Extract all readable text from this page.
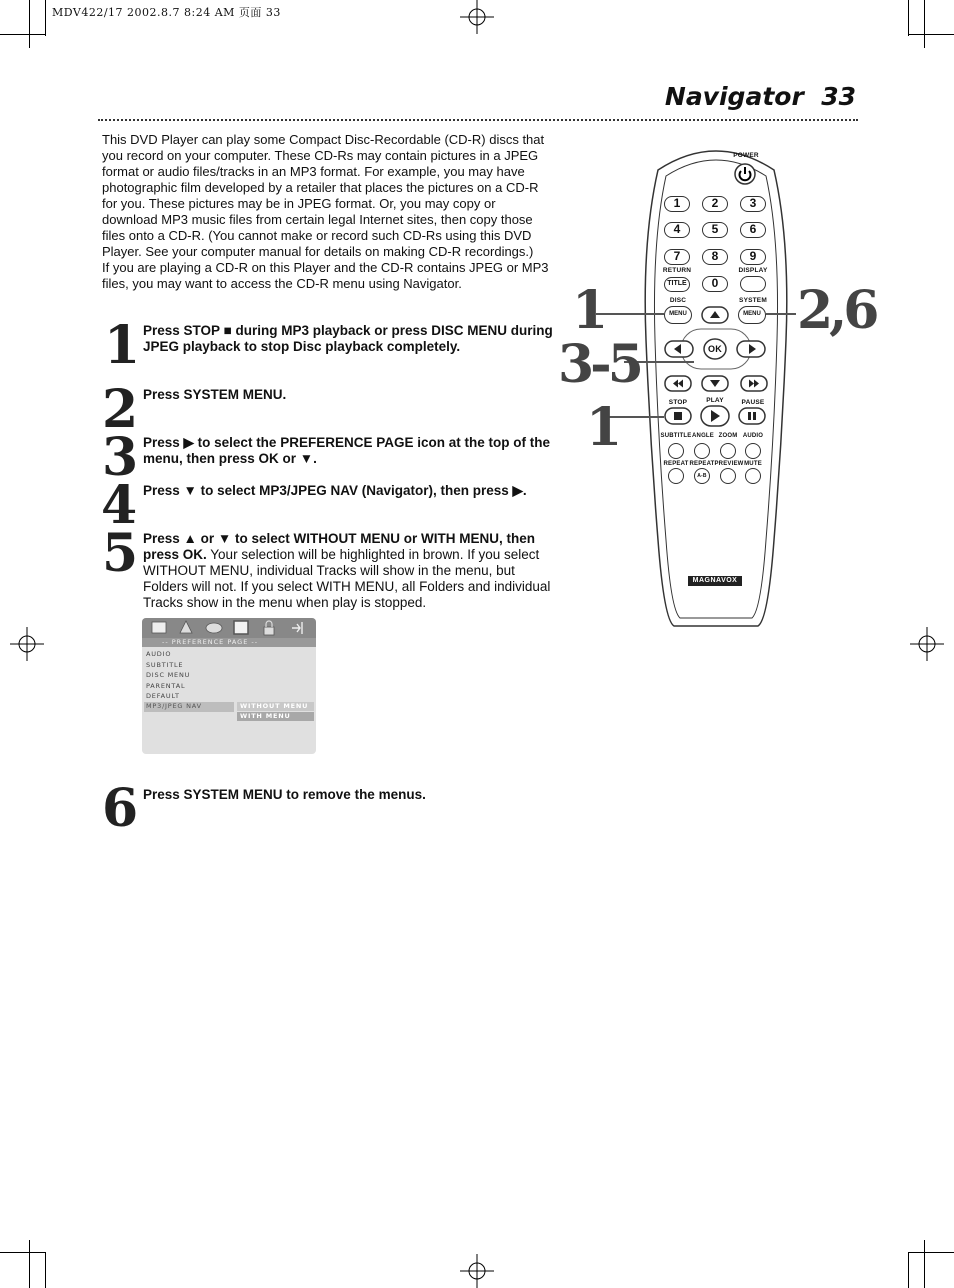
MDV422/17 2002.8.7 8:24 AM 页面 33
Navigator 33

This DVD Player can play some Compact Disc-Recordable (CD-R) discs that you record on your computer. These CD-Rs may contain pictures in a JPEG format or audio files/tracks in an MP3 format. For example, you may have photographic film developed by a retailer that places the pictures on a CD-R for you. These pictures may be in JPEG format. Or, you may copy or download MP3 music files from certain legal Internet sites, then copy those files onto a CD-R. (You cannot make or record such CD-Rs using this DVD Player. See your computer manual for details on making CD-R recordings.)

If you are playing a CD-R on this Player and the CD-R contains JPEG or MP3 files, you may want to access the CD-R menu using Navigator.

1 Press STOP ■ during MP3 playback or press DISC MENU during JPEG playback to stop Disc playback completely.
2 Press SYSTEM MENU.
3 Press ▶ to select the PREFERENCE PAGE icon at the top of the menu, then press OK or ▼.
4 Press ▼ to select MP3/JPEG NAV (Navigator), then press ▶.
5 Press ▲ or ▼ to select WITHOUT MENU or WITH MENU, then press OK. Your selection will be highlighted in brown. If you select WITHOUT MENU, individual Tracks will show in the menu, but Folders will not. If you select WITH MENU, all Folders and individual Tracks show in the menu when play is stopped.
6 Press SYSTEM MENU to remove the menus.
-- PREFERENCE PAGE --
AUDIO
SUBTITLE
DISC MENU
PARENTAL
DEFAULT
MP3/JPEG NAV	WITHOUT MENU
WITH MENU
POWER
1	2	3
4	5	6
7	8	9
RETURN	DISPLAY
TITLE	0
DISC	SYSTEM
MENU	MENU
OK
STOP	PLAY	PAUSE
SUBTITLE ANGLE ZOOM AUDIO
REPEAT REPEAT PREVIEW MUTE
A-B
MAGNAVOX
1	2,6
3-5
1
